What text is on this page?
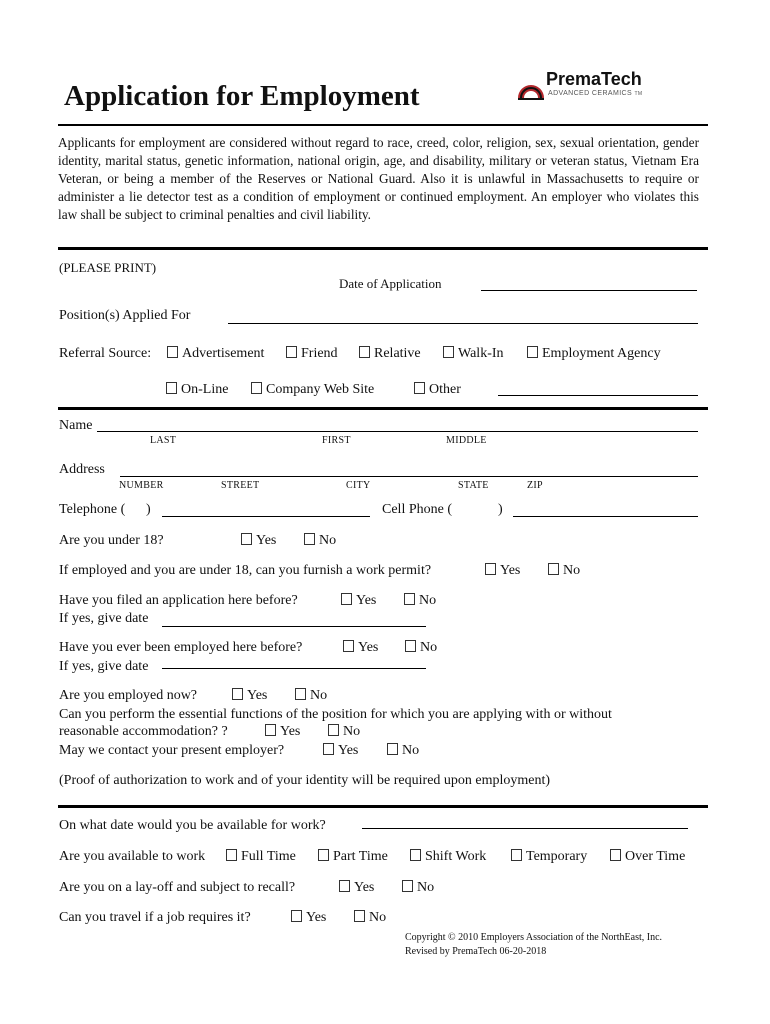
Application for Employment
PremaTech
ADVANCED CERAMICS TM
Applicants for employment are considered without regard to race, creed, color, religion, sex, sexual orientation, gender identity, marital status, genetic information, national origin, age, and disability, military or veteran status, Vietnam Era Veteran, or being a member of the Reserves or National Guard. Also it is unlawful in Massachusetts to require or administer a lie detector test as a condition of employment or continued employment. An employer who violates this law shall be subject to criminal penalties and civil liability.
(PLEASE PRINT)
Date of Application
Position(s) Applied For
Referral Source:	Advertisement	Friend	Relative	Walk-In	Employment Agency
On-Line	Company Web Site	Other
Name
LAST	FIRST	MIDDLE
Address
NUMBER	STREET	CITY	STATE	ZIP
Telephone ( )	Cell Phone (	)
Are you under 18?	Yes	No
If employed and you are under 18, can you furnish a work permit?	Yes	No
Have you filed an application here before?	Yes	No
If yes, give date
Have you ever been employed here before?	Yes	No
If yes, give date
Are you employed now?	Yes	No
Can you perform the essential functions of the position for which you are applying with or without
reasonable accommodation? ?	Yes	No
May we contact your present employer?	Yes	No
(Proof of authorization to work and of your identity will be required upon employment)
On what date would you be available for work?
Are you available to work	Full Time	Part Time	Shift Work	Temporary	Over Time
Are you on a lay-off and subject to recall?	Yes	No
Can you travel if a job requires it?	Yes	No
Copyright © 2010 Employers Association of the NorthEast, Inc.
Revised by PremaTech 06-20-2018
